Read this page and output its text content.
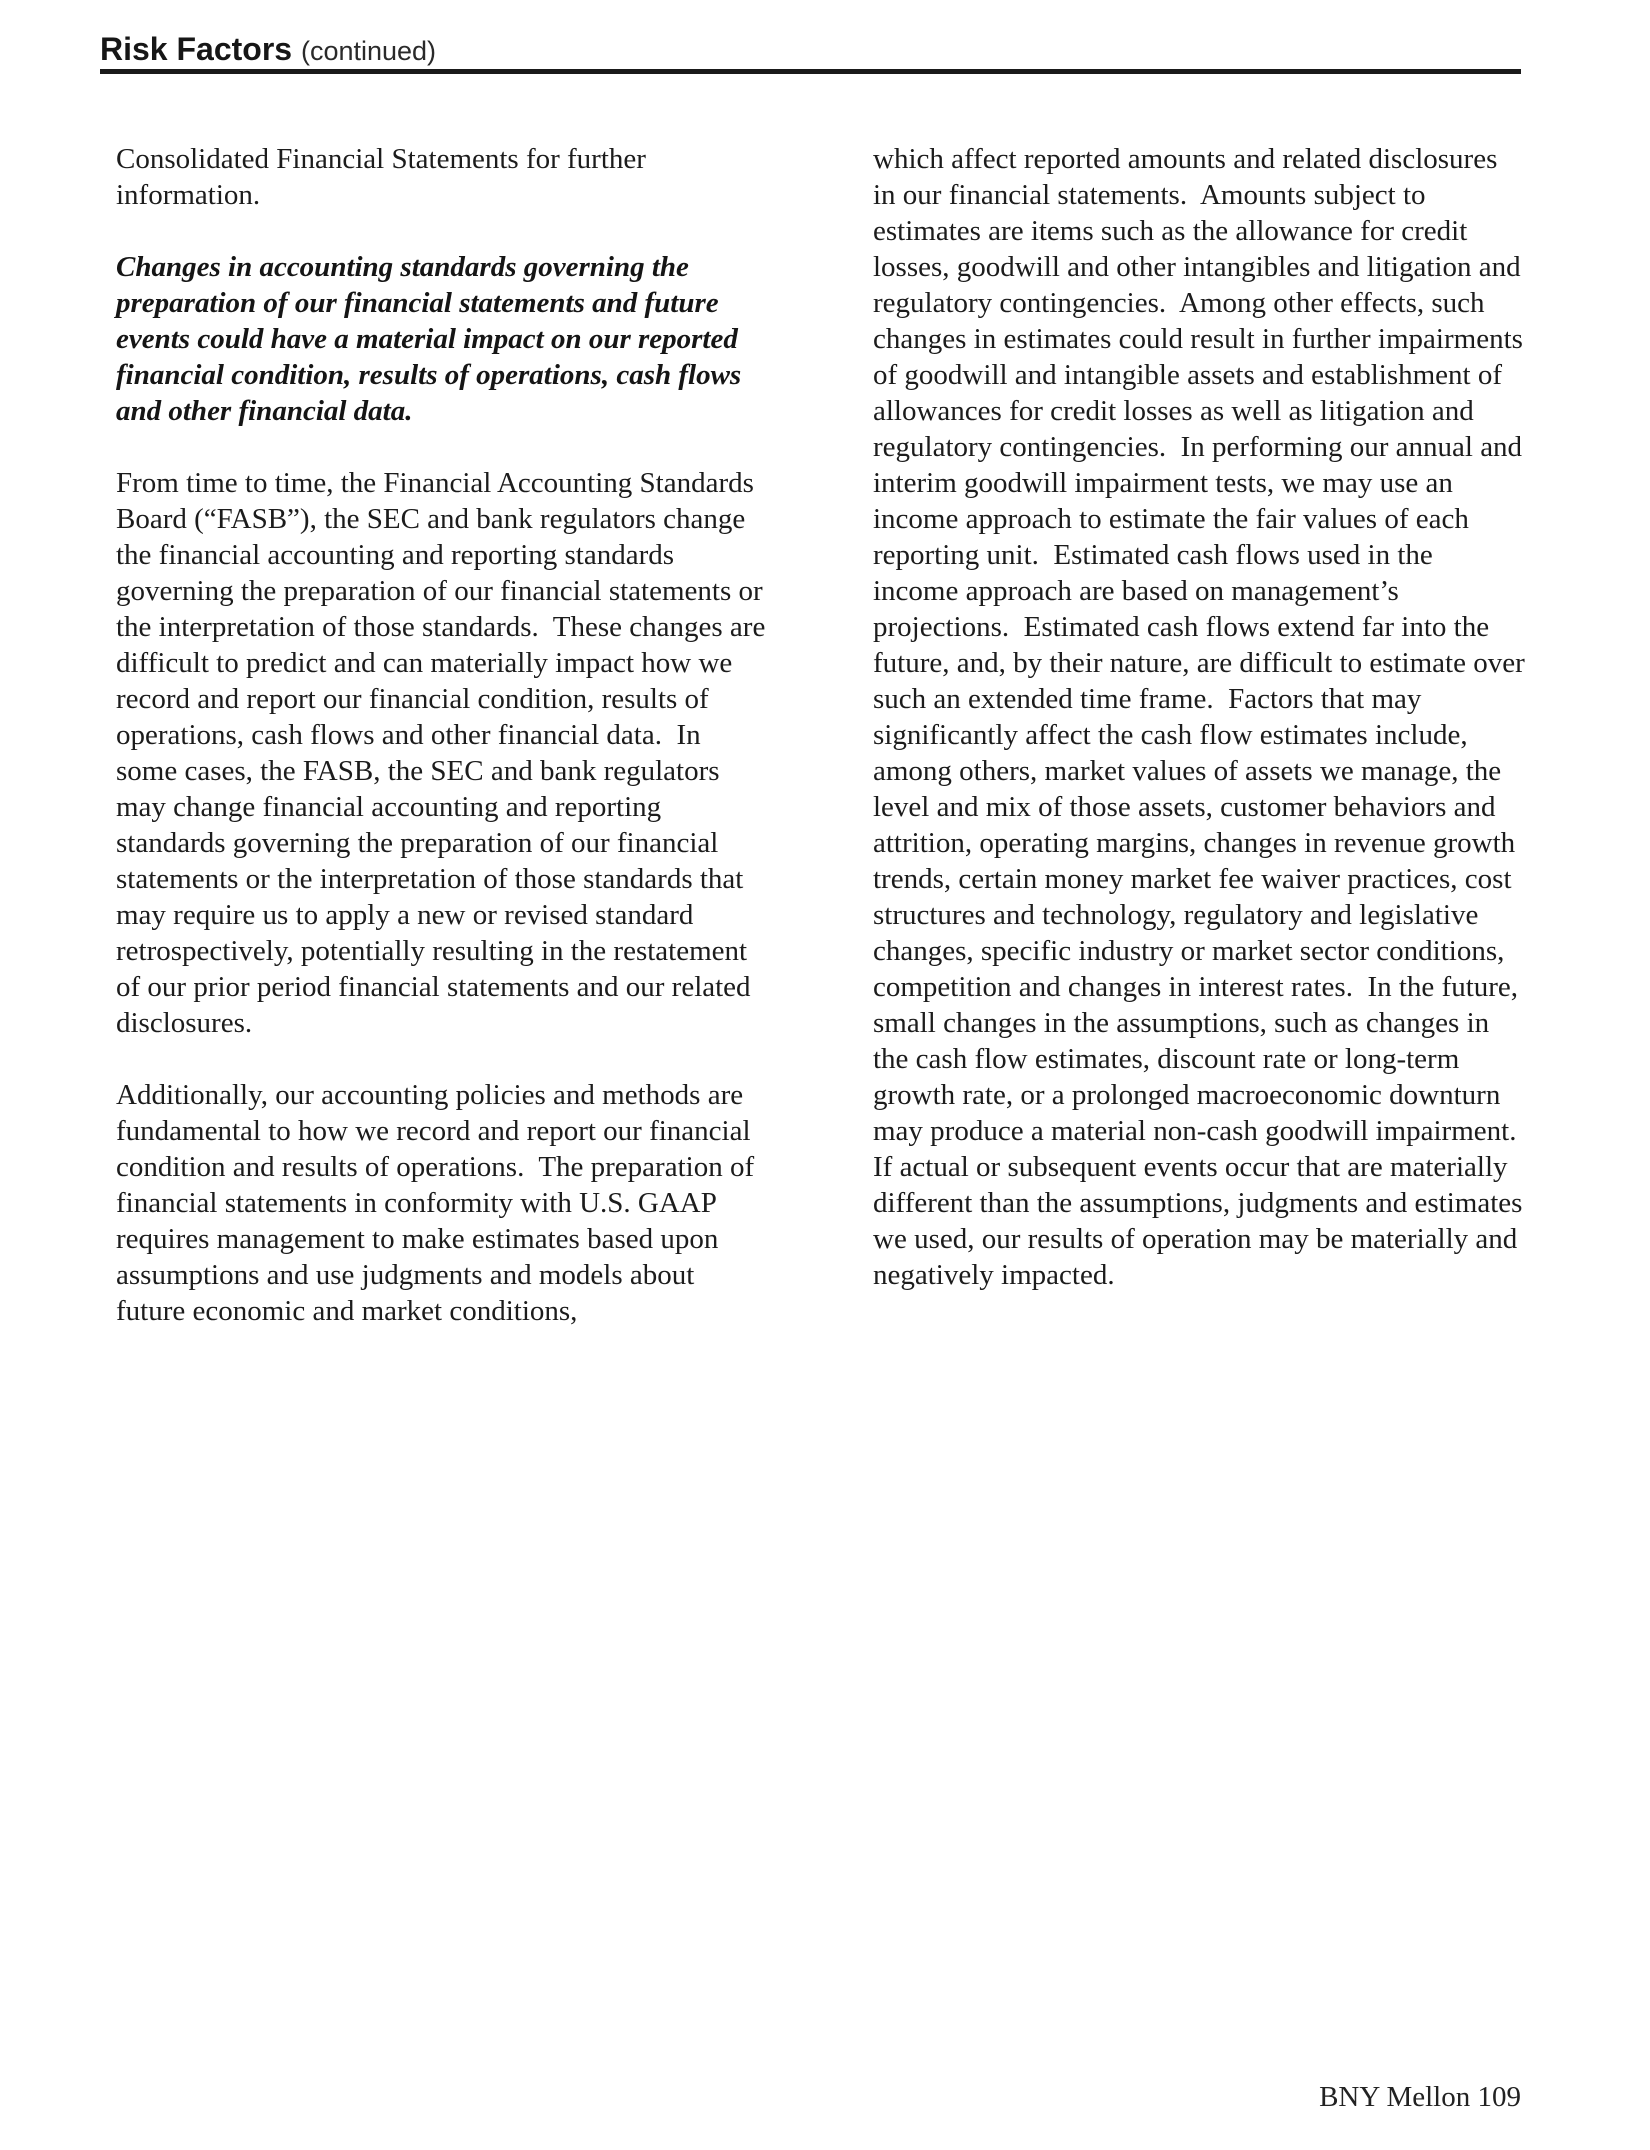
Risk Factors (continued)

Consolidated Financial Statements for further information.

Changes in accounting standards governing the preparation of our financial statements and future events could have a material impact on our reported financial condition, results of operations, cash flows and other financial data.

From time to time, the Financial Accounting Standards Board (“FASB”), the SEC and bank regulators change the financial accounting and reporting standards governing the preparation of our financial statements or the interpretation of those standards.  These changes are difficult to predict and can materially impact how we record and report our financial condition, results of operations, cash flows and other financial data.  In some cases, the FASB, the SEC and bank regulators may change financial accounting and reporting standards governing the preparation of our financial statements or the interpretation of those standards that may require us to apply a new or revised standard retrospectively, potentially resulting in the restatement of our prior period financial statements and our related disclosures.

Additionally, our accounting policies and methods are fundamental to how we record and report our financial condition and results of operations.  The preparation of financial statements in conformity with U.S. GAAP requires management to make estimates based upon assumptions and use judgments and models about future economic and market conditions,

which affect reported amounts and related disclosures in our financial statements.  Amounts subject to estimates are items such as the allowance for credit losses, goodwill and other intangibles and litigation and regulatory contingencies.  Among other effects, such changes in estimates could result in further impairments of goodwill and intangible assets and establishment of allowances for credit losses as well as litigation and regulatory contingencies.  In performing our annual and interim goodwill impairment tests, we may use an income approach to estimate the fair values of each reporting unit.  Estimated cash flows used in the income approach are based on management’s projections.  Estimated cash flows extend far into the future, and, by their nature, are difficult to estimate over such an extended time frame.  Factors that may significantly affect the cash flow estimates include, among others, market values of assets we manage, the level and mix of those assets, customer behaviors and attrition, operating margins, changes in revenue growth trends, certain money market fee waiver practices, cost structures and technology, regulatory and legislative changes, specific industry or market sector conditions, competition and changes in interest rates.  In the future, small changes in the assumptions, such as changes in the cash flow estimates, discount rate or long-term growth rate, or a prolonged macroeconomic downturn may produce a material non-cash goodwill impairment.  If actual or subsequent events occur that are materially different than the assumptions, judgments and estimates we used, our results of operation may be materially and negatively impacted.

BNY Mellon 109
